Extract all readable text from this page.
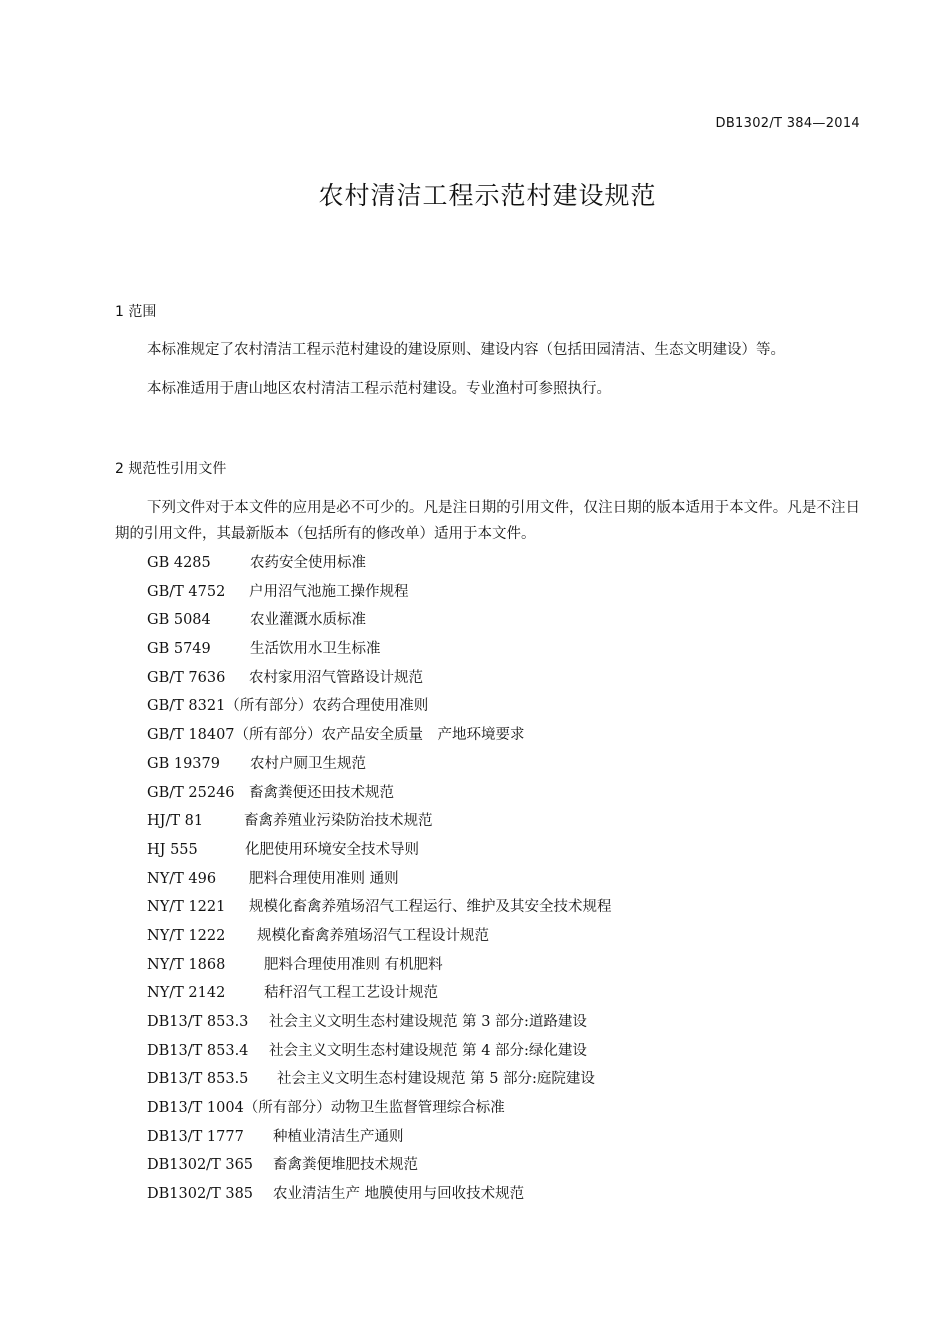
DB1302/T 384—2014
农村清洁工程示范村建设规范
1 范围

本标准规定了农村清洁工程示范村建设的建设原则、建设内容（包括田园清洁、生态文明建设）等。

本标准适用于唐山地区农村清洁工程示范村建设。专业渔村可参照执行。

2 规范性引用文件

下列文件对于本文件的应用是必不可少的。凡是注日期的引用文件，仅注日期的版本适用于本文件。凡是不注日期的引用文件，其最新版本（包括所有的修改单）适用于本文件。

GB 4285	农药安全使用标准
GB/T 4752 户用沼气池施工操作规程
GB 5084	农业灌溉水质标准
GB 5749	生活饮用水卫生标准
GB/T 7636 农村家用沼气管路设计规范
GB/T 8321（所有部分）农药合理使用准则
GB/T 18407（所有部分）农产品安全质量　产地环境要求
GB 19379 农村户厕卫生规范
GB/T 25246 畜禽粪便还田技术规范
HJ/T 81	畜禽养殖业污染防治技术规范
HJ 555	化肥使用环境安全技术导则
NY/T 496 肥料合理使用准则 通则
NY/T 1221 规模化畜禽养殖场沼气工程运行、维护及其安全技术规程
NY/T 1222 规模化畜禽养殖场沼气工程设计规范
NY/T 1868	肥料合理使用准则 有机肥料
NY/T 2142	秸秆沼气工程工艺设计规范
DB13/T 853.3 社会主义文明生态村建设规范 第 3 部分:道路建设
DB13/T 853.4 社会主义文明生态村建设规范 第 4 部分:绿化建设
DB13/T 853.5 社会主义文明生态村建设规范 第 5 部分:庭院建设
DB13/T 1004（所有部分）动物卫生监督管理综合标准
DB13/T 1777 种植业清洁生产通则
DB1302/T 365 畜禽粪便堆肥技术规范
DB1302/T 385 农业清洁生产 地膜使用与回收技术规范
